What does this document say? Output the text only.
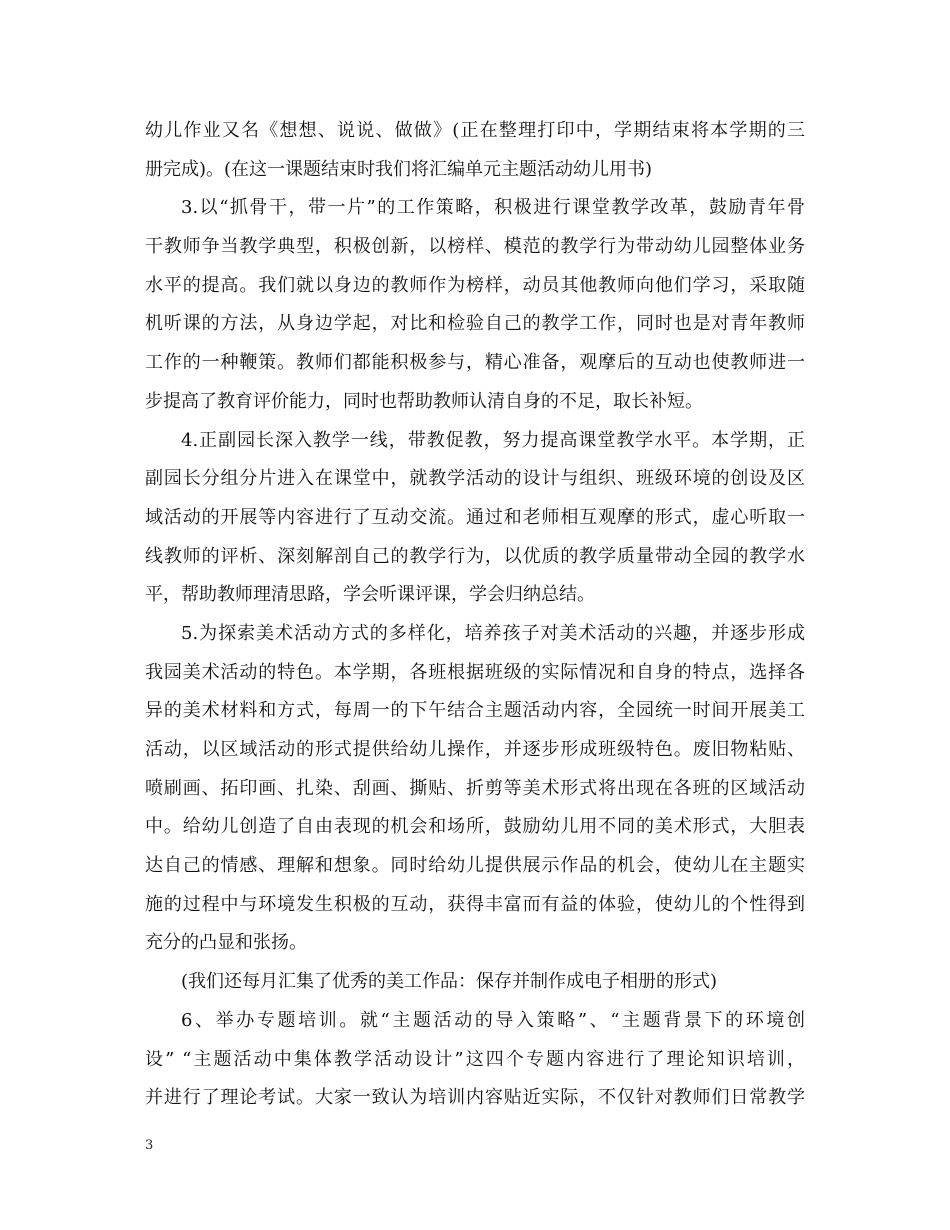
幼儿作业又名《想想、说说、做做》(正在整理打印中，学期结束将本学期的三
册完成)。(在这一课题结束时我们将汇编单元主题活动幼儿用书)
3.以“抓骨干，带一片”的工作策略，积极进行课堂教学改革，鼓励青年骨
干教师争当教学典型，积极创新，以榜样、模范的教学行为带动幼儿园整体业务
水平的提高。我们就以身边的教师作为榜样，动员其他教师向他们学习，采取随
机听课的方法，从身边学起，对比和检验自己的教学工作，同时也是对青年教师
工作的一种鞭策。教师们都能积极参与，精心准备，观摩后的互动也使教师进一
步提高了教育评价能力，同时也帮助教师认清自身的不足，取长补短。
4.正副园长深入教学一线，带教促教，努力提高课堂教学水平。本学期，正
副园长分组分片进入在课堂中，就教学活动的设计与组织、班级环境的创设及区
域活动的开展等内容进行了互动交流。通过和老师相互观摩的形式，虚心听取一
线教师的评析、深刻解剖自己的教学行为，以优质的教学质量带动全园的教学水
平，帮助教师理清思路，学会听课评课，学会归纳总结。
5.为探索美术活动方式的多样化，培养孩子对美术活动的兴趣，并逐步形成
我园美术活动的特色。本学期，各班根据班级的实际情况和自身的特点，选择各
异的美术材料和方式，每周一的下午结合主题活动内容，全园统一时间开展美工
活动，以区域活动的形式提供给幼儿操作，并逐步形成班级特色。废旧物粘贴、
喷刷画、拓印画、扎染、刮画、撕贴、折剪等美术形式将出现在各班的区域活动
中。给幼儿创造了自由表现的机会和场所，鼓励幼儿用不同的美术形式，大胆表
达自己的情感、理解和想象。同时给幼儿提供展示作品的机会，使幼儿在主题实
施的过程中与环境发生积极的互动，获得丰富而有益的体验，使幼儿的个性得到
充分的凸显和张扬。
(我们还每月汇集了优秀的美工作品：保存并制作成电子相册的形式)
6、举办专题培训。就“主题活动的导入策略”、“主题背景下的环境创
设” “主题活动中集体教学活动设计”这四个专题内容进行了理论知识培训，
并进行了理论考试。大家一致认为培训内容贴近实际，不仅针对教师们日常教学
3
